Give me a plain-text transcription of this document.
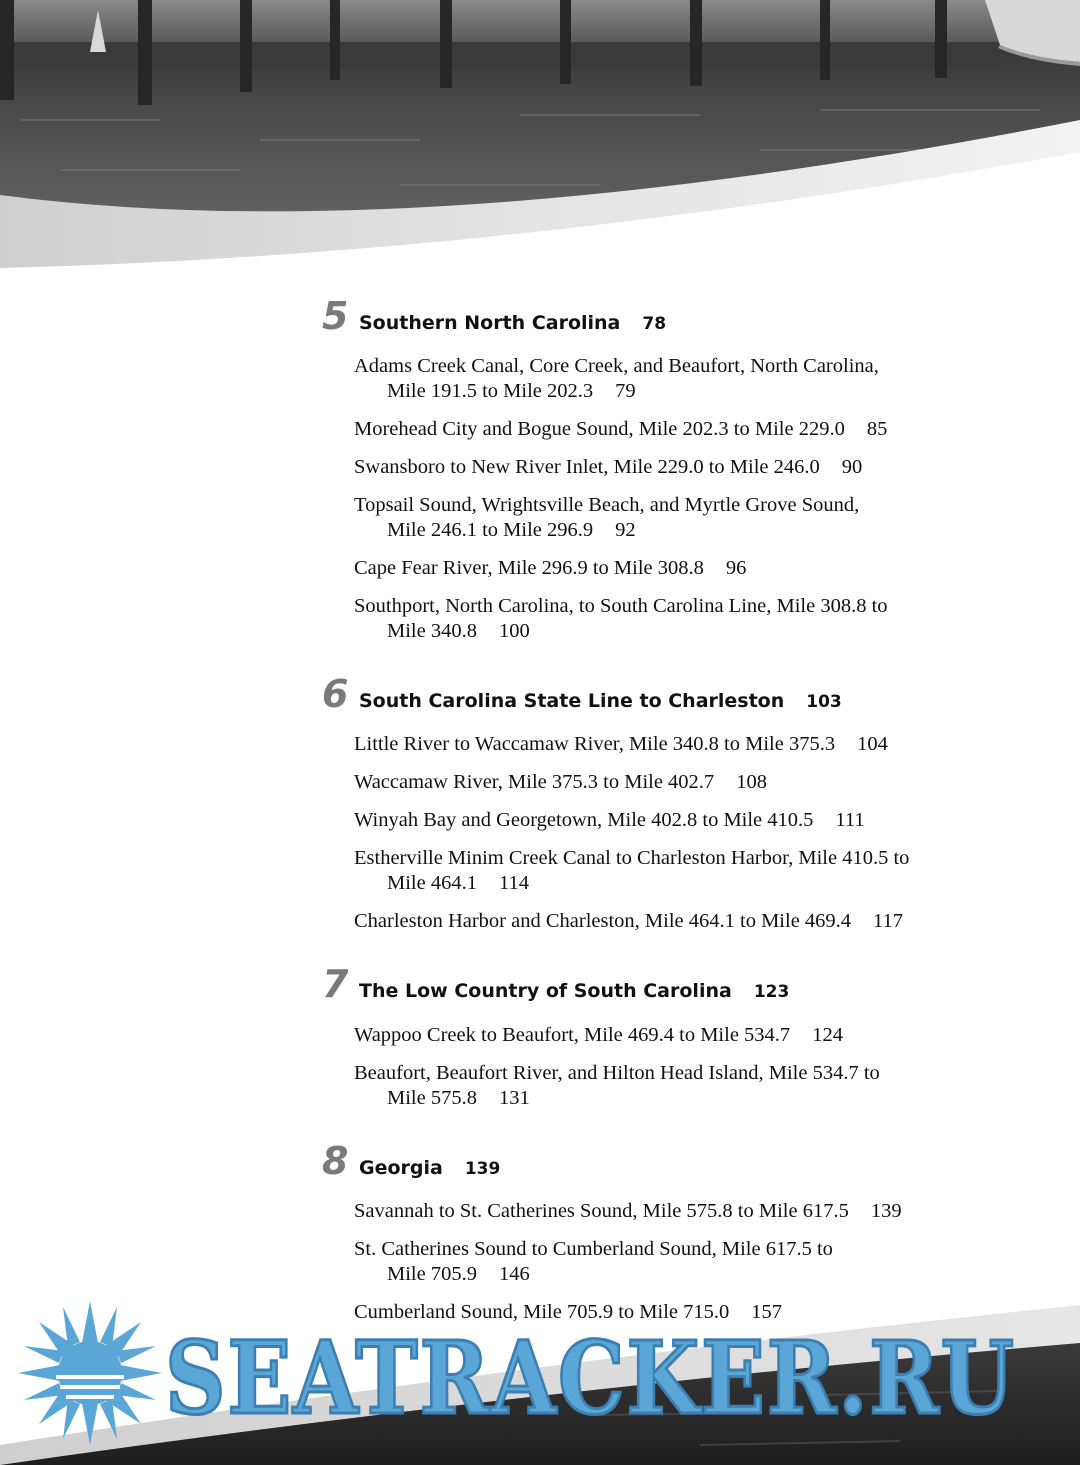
5 Southern North Carolina 78
Adams Creek Canal, Core Creek, and Beaufort, North Carolina,
Mile 191.5 to Mile 202.3 79
Morehead City and Bogue Sound, Mile 202.3 to Mile 229.0 85
Swansboro to New River Inlet, Mile 229.0 to Mile 246.0 90
Topsail Sound, Wrightsville Beach, and Myrtle Grove Sound,
Mile 246.1 to Mile 296.9 92
Cape Fear River, Mile 296.9 to Mile 308.8 96
Southport, North Carolina, to South Carolina Line, Mile 308.8 to
Mile 340.8 100
6 South Carolina State Line to Charleston 103
Little River to Waccamaw River, Mile 340.8 to Mile 375.3 104
Waccamaw River, Mile 375.3 to Mile 402.7 108
Winyah Bay and Georgetown, Mile 402.8 to Mile 410.5 111
Estherville Minim Creek Canal to Charleston Harbor, Mile 410.5 to
Mile 464.1 114
Charleston Harbor and Charleston, Mile 464.1 to Mile 469.4 117
7 The Low Country of South Carolina 123
Wappoo Creek to Beaufort, Mile 469.4 to Mile 534.7 124
Beaufort, Beaufort River, and Hilton Head Island, Mile 534.7 to
Mile 575.8 131
8 Georgia 139
Savannah to St. Catherines Sound, Mile 575.8 to Mile 617.5 139
St. Catherines Sound to Cumberland Sound, Mile 617.5 to
Mile 705.9 146
Cumberland Sound, Mile 705.9 to Mile 715.0 157
SEATRACKER.RU
